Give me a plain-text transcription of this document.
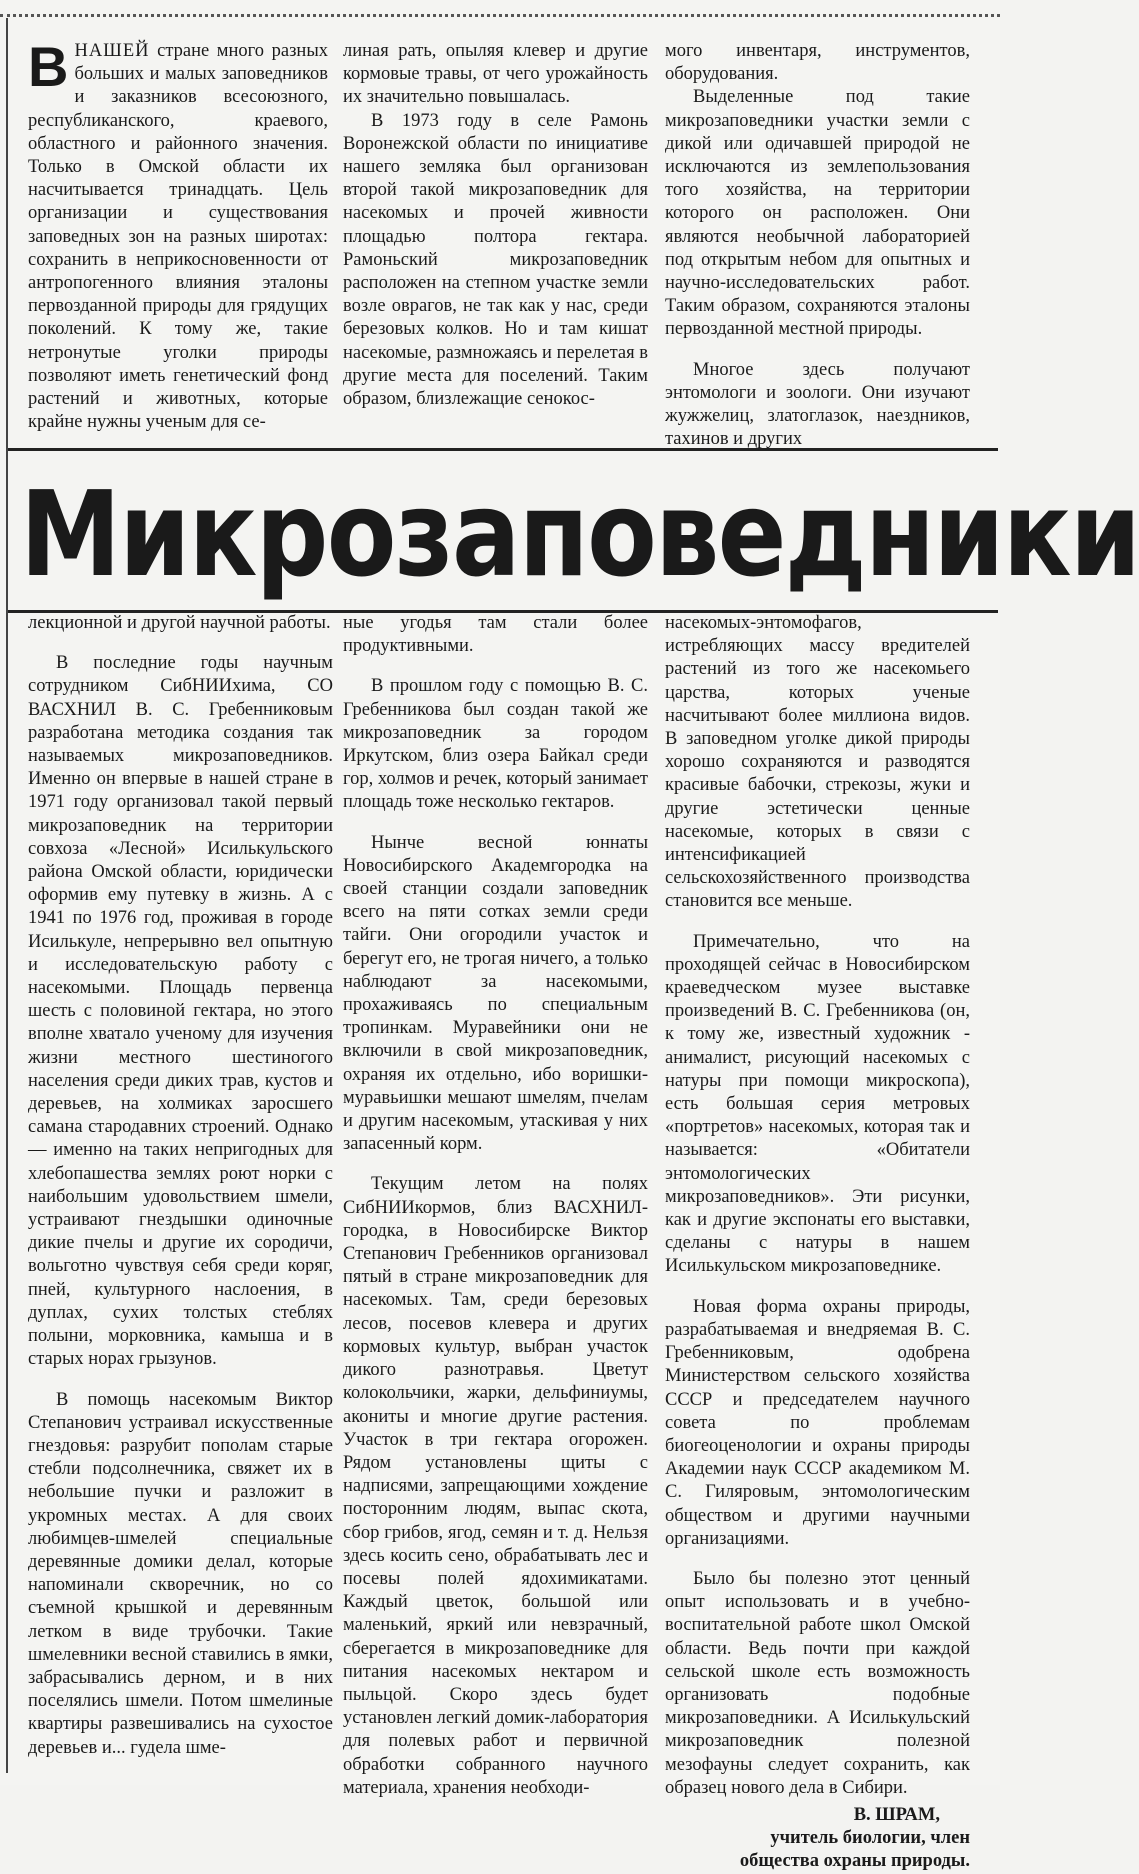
ВНАШЕЙ стране много разных больших и малых заповедников и заказников всесоюзного, республиканского, краевого, областного и районного значения. Только в Омской области их насчитывается тринадцать. Цель организации и существования заповедных зон на разных широтах: сохранить в неприкосновенности от антропогенного влияния эталоны первозданной природы для грядущих поколений. К тому же, такие нетронутые уголки природы позволяют иметь генетический фонд растений и животных, которые крайне нужны ученым для се-

линая рать, опыляя клевер и другие кормовые травы, от чего урожайность их значительно повышалась.

В 1973 году в селе Рамонь Воронежской области по инициативе нашего земляка был организован второй такой микрозаповедник для насекомых и прочей живности площадью полтора гектара. Рамоньский микрозаповедник расположен на степном участке земли возле оврагов, не так как у нас, среди березовых колков. Но и там кишат насекомые, размножаясь и перелетая в другие места для поселений. Таким образом, близлежащие сенокос-

мого инвентаря, инструментов, оборудования.

Выделенные под такие микрозаповедники участки земли с дикой или одичавшей природой не исключаются из землепользования того хозяйства, на территории которого он расположен. Они являются необычной лабораторией под открытым небом для опытных и научно-исследовательских работ. Таким образом, сохраняются эталоны первозданной местной природы.

Многое здесь получают энтомологи и зоологи. Они изучают жужжелиц, златоглазок, наездников, тахинов и других

Микрозаповедники

лекционной и другой научной работы.

В последние годы научным сотрудником СибНИИхима, СО ВАСХНИЛ В. С. Гребенниковым разработана методика создания так называемых микрозаповедников. Именно он впервые в нашей стране в 1971 году организовал такой первый микрозаповедник на территории совхоза «Лесной» Исилькульского района Омской области, юридически оформив ему путевку в жизнь. А с 1941 по 1976 год, проживая в городе Исилькуле, непрерывно вел опытную и исследовательскую работу с насекомыми. Площадь первенца шесть с половиной гектара, но этого вполне хватало ученому для изучения жизни местного шестиногого населения среди диких трав, кустов и деревьев, на холмиках заросшего самана стародавних строений. Однако — именно на таких непригодных для хлебопашества землях роют норки с наибольшим удовольствием шмели, устраивают гнездышки одиночные дикие пчелы и другие их сородичи, вольготно чувствуя себя среди коряг, пней, культурного наслоения, в дуплах, сухих толстых стеблях полыни, морковника, камыша и в старых норах грызунов.

В помощь насекомым Виктор Степанович устраивал искусственные гнездовья: разрубит пополам старые стебли подсолнечника, свяжет их в небольшие пучки и разложит в укромных местах. А для своих любимцев-шмелей специальные деревянные домики делал, которые напоминали скворечник, но со съемной крышкой и деревянным летком в виде трубочки. Такие шмелевники весной ставились в ямки, забрасывались дерном, и в них поселялись шмели. Потом шмелиные квартиры развешивались на сухостое деревьев и... гудела шме-

ные угодья там стали более продуктивными.

В прошлом году с помощью В. С. Гребенникова был создан такой же микрозаповедник за городом Иркутском, близ озера Байкал среди гор, холмов и речек, который занимает площадь тоже несколько гектаров.

Нынче весной юннаты Новосибирского Академгородка на своей станции создали заповедник всего на пяти сотках земли среди тайги. Они огородили участок и берегут его, не трогая ничего, а только наблюдают за насекомыми, прохаживаясь по специальным тропинкам. Муравейники они не включили в свой микрозаповедник, охраняя их отдельно, ибо воришки-муравьишки мешают шмелям, пчелам и другим насекомым, утаскивая у них запасенный корм.

Текущим летом на полях СибНИИкормов, близ ВАСХНИЛ-городка, в Новосибирске Виктор Степанович Гребенников организовал пятый в стране микрозаповедник для насекомых. Там, среди березовых лесов, посевов клевера и других кормовых культур, выбран участок дикого разнотравья. Цветут колокольчики, жарки, дельфиниумы, акониты и многие другие растения. Участок в три гектара огорожен. Рядом установлены щиты с надписями, запрещающими хождение посторонним людям, выпас скота, сбор грибов, ягод, семян и т. д. Нельзя здесь косить сено, обрабатывать лес и посевы полей ядохимикатами. Каждый цветок, большой или маленький, яркий или невзрачный, сберегается в микрозаповеднике для питания насекомых нектаром и пыльцой. Скоро здесь будет установлен легкий домик-лаборатория для полевых работ и первичной обработки собранного научного материала, хранения необходи-

насекомых-энтомофагов, истребляющих массу вредителей растений из того же насекомьего царства, которых ученые насчитывают более миллиона видов. В заповедном уголке дикой природы хорошо сохраняются и разводятся красивые бабочки, стрекозы, жуки и другие эстетически ценные насекомые, которых в связи с интенсификацией сельскохозяйственного производства становится все меньше.

Примечательно, что на проходящей сейчас в Новосибирском краеведческом музее выставке произведений В. С. Гребенникова (он, к тому же, известный художник - анималист, рисующий насекомых с натуры при помощи микроскопа), есть большая серия метровых «портретов» насекомых, которая так и называется: «Обитатели энтомологических микрозаповедников». Эти рисунки, как и другие экспонаты его выставки, сделаны с натуры в нашем Исилькульском микрозаповеднике.

Новая форма охраны природы, разрабатываемая и внедряемая В. С. Гребенниковым, одобрена Министерством сельского хозяйства СССР и председателем научного совета по проблемам биогеоценологии и охраны природы Академии наук СССР академиком М. С. Гиляровым, энтомологическим обществом и другими научными организациями.

Было бы полезно этот ценный опыт использовать и в учебно-воспитательной работе школ Омской области. Ведь почти при каждой сельской школе есть возможность организовать подобные микрозаповедники. А Исилькульский микрозаповедник полезной мезофауны следует сохранить, как образец нового дела в Сибири.

В. ШРАМ,

учитель биологии, член

общества охраны природы.
